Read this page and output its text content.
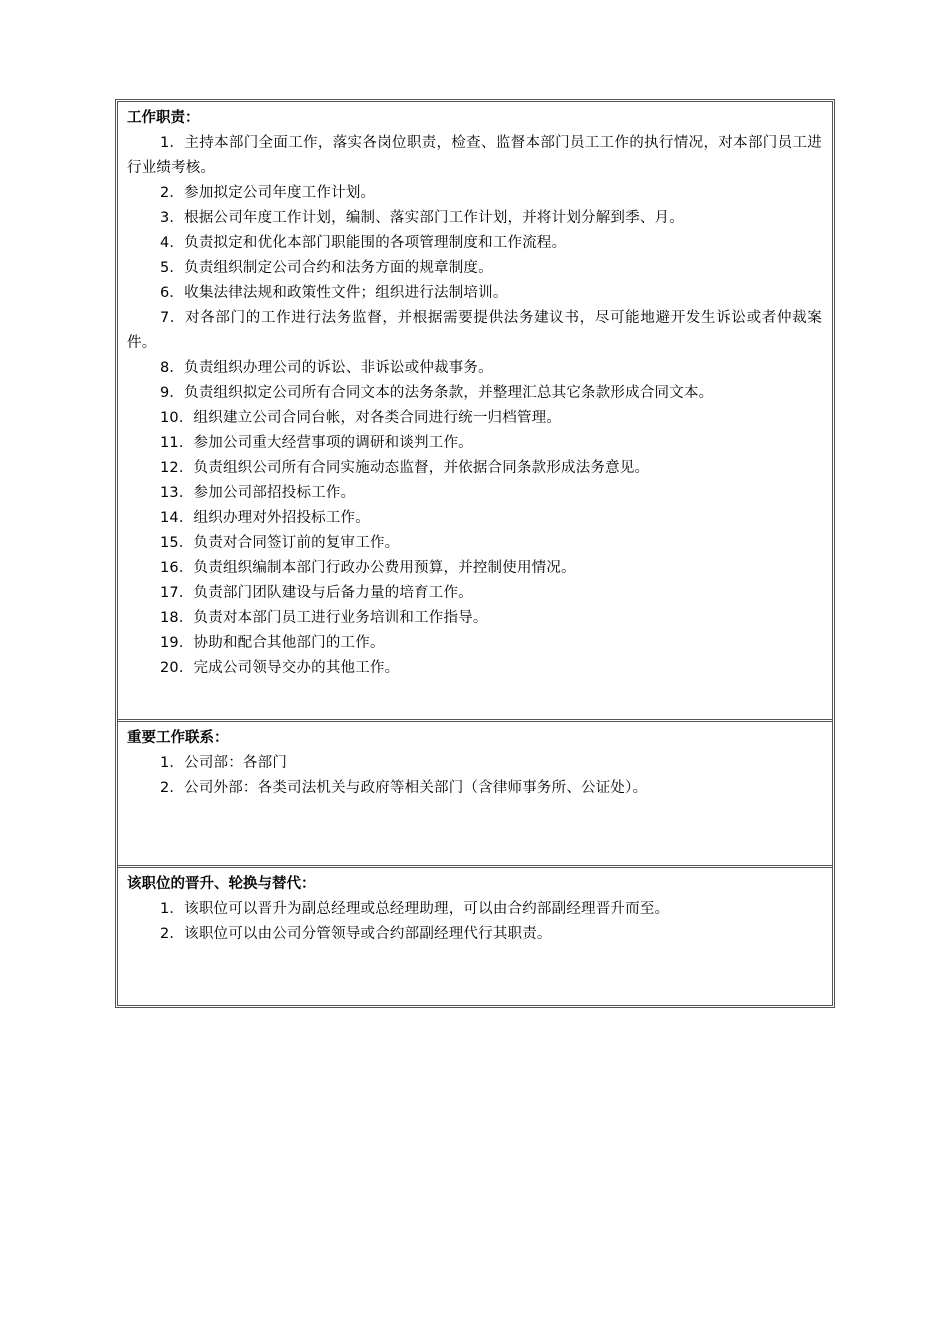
工作职责：

1．主持本部门全面工作，落实各岗位职责，检查、监督本部门员工工作的执行情况，对本部门员工进行业绩考核。

2．参加拟定公司年度工作计划。

3．根据公司年度工作计划，编制、落实部门工作计划，并将计划分解到季、月。

4．负责拟定和优化本部门职能围的各项管理制度和工作流程。

5．负责组织制定公司合约和法务方面的规章制度。

6．收集法律法规和政策性文件；组织进行法制培训。

7．对各部门的工作进行法务监督，并根据需要提供法务建议书，尽可能地避开发生诉讼或者仲裁案件。

8．负责组织办理公司的诉讼、非诉讼或仲裁事务。

9．负责组织拟定公司所有合同文本的法务条款，并整理汇总其它条款形成合同文本。

10．组织建立公司合同台帐，对各类合同进行统一归档管理。

11．参加公司重大经营事项的调研和谈判工作。

12．负责组织公司所有合同实施动态监督，并依据合同条款形成法务意见。

13．参加公司部招投标工作。

14．组织办理对外招投标工作。

15．负责对合同签订前的复审工作。

16．负责组织编制本部门行政办公费用预算，并控制使用情况。

17．负责部门团队建设与后备力量的培育工作。

18．负责对本部门员工进行业务培训和工作指导。

19．协助和配合其他部门的工作。

20．完成公司领导交办的其他工作。

重要工作联系：

1．公司部：各部门

2．公司外部：各类司法机关与政府等相关部门（含律师事务所、公证处）。

该职位的晋升、轮换与替代：

1．该职位可以晋升为副总经理或总经理助理，可以由合约部副经理晋升而至。

2．该职位可以由公司分管领导或合约部副经理代行其职责。
